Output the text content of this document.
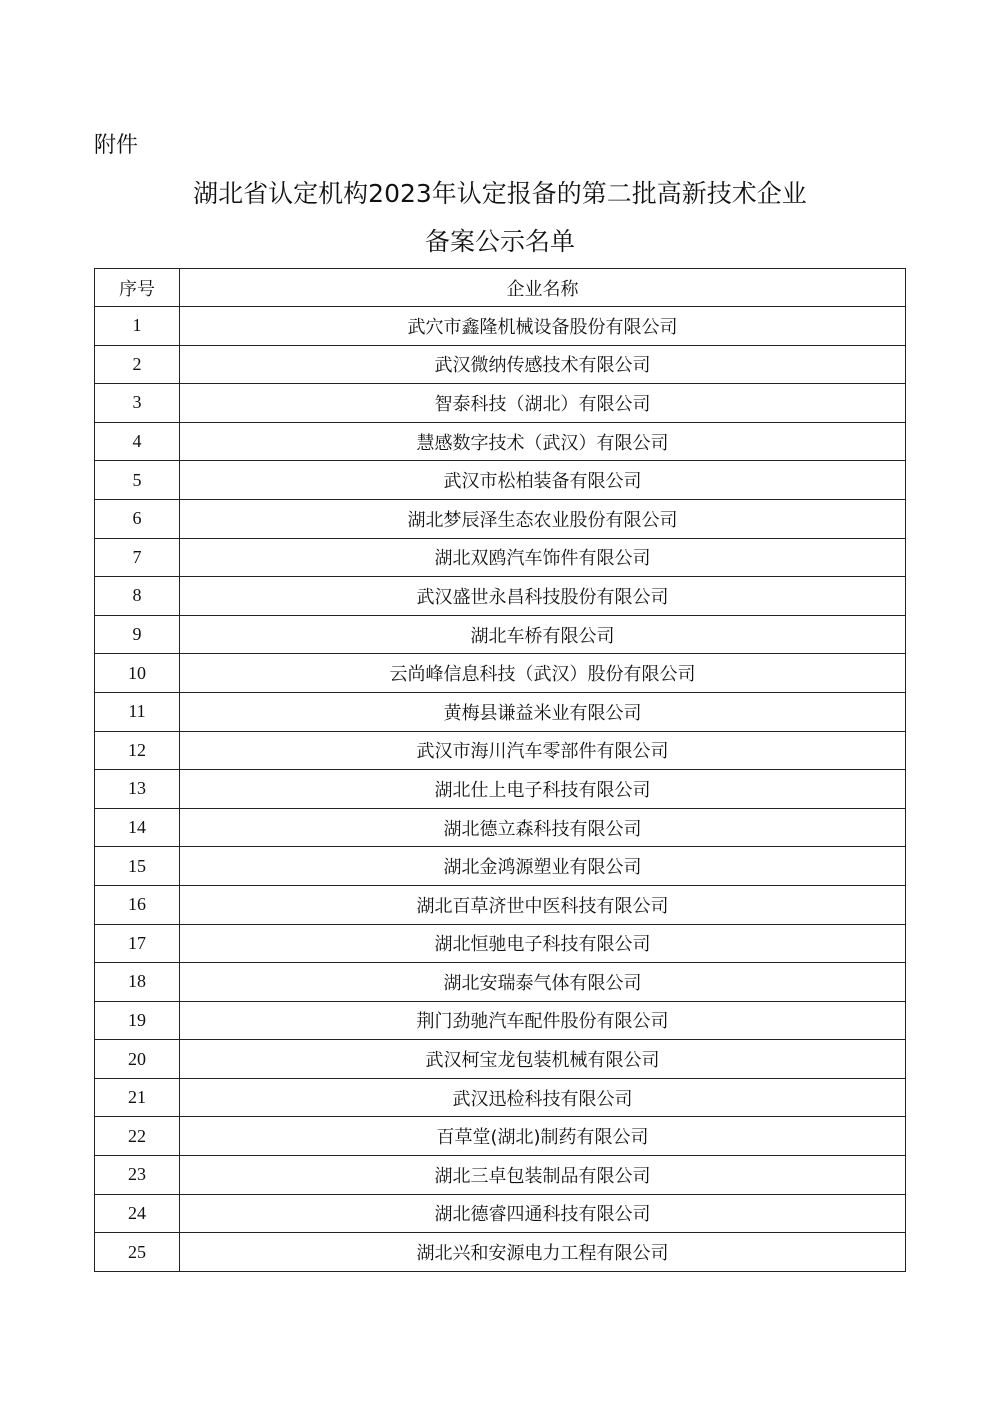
附件
湖北省认定机构2023年认定报备的第二批高新技术企业
备案公示名单
序号	企业名称
1	武穴市鑫隆机械设备股份有限公司
2	武汉微纳传感技术有限公司
3	智泰科技（湖北）有限公司
4	慧感数字技术（武汉）有限公司
5	武汉市松柏装备有限公司
6	湖北梦辰泽生态农业股份有限公司
7	湖北双鸥汽车饰件有限公司
8	武汉盛世永昌科技股份有限公司
9	湖北车桥有限公司
10	云尚峰信息科技（武汉）股份有限公司
11	黄梅县谦益米业有限公司
12	武汉市海川汽车零部件有限公司
13	湖北仕上电子科技有限公司
14	湖北德立森科技有限公司
15	湖北金鸿源塑业有限公司
16	湖北百草济世中医科技有限公司
17	湖北恒驰电子科技有限公司
18	湖北安瑞泰气体有限公司
19	荆门劲驰汽车配件股份有限公司
20	武汉柯宝龙包装机械有限公司
21	武汉迅检科技有限公司
22	百草堂(湖北)制药有限公司
23	湖北三卓包装制品有限公司
24	湖北德睿四通科技有限公司
25	湖北兴和安源电力工程有限公司
